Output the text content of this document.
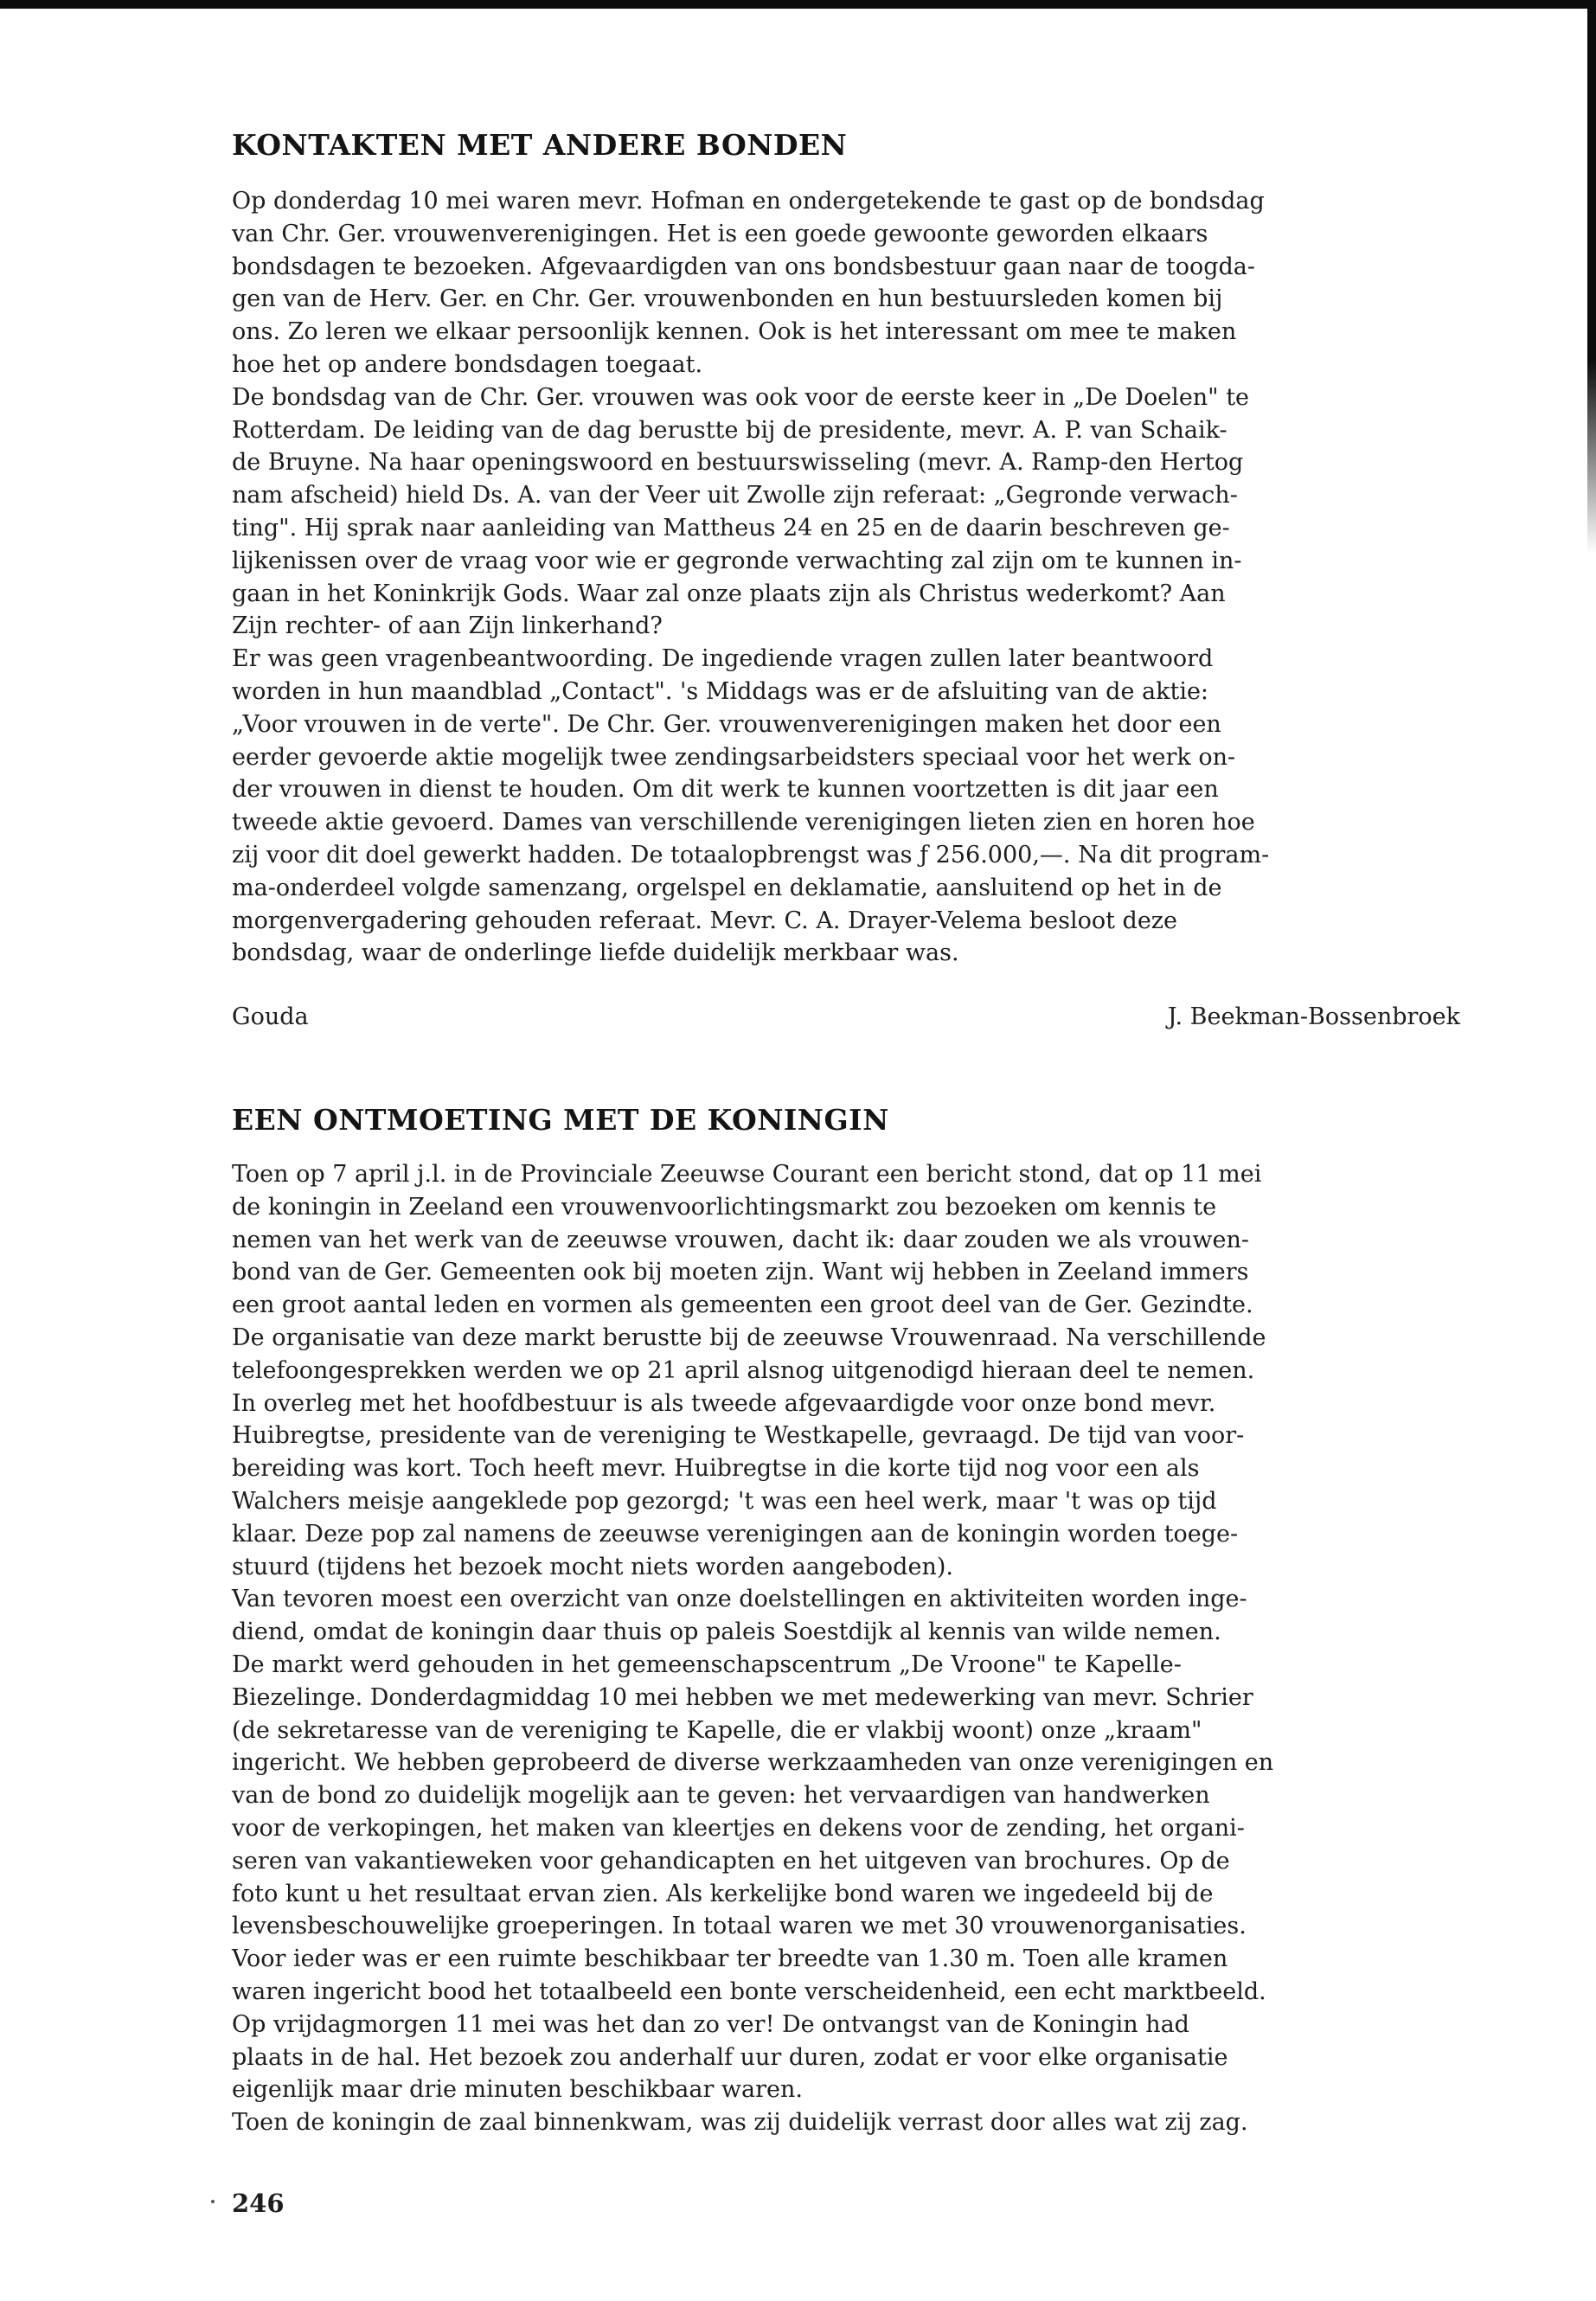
KONTAKTEN MET ANDERE BONDEN
Op donderdag 10 mei waren mevr. Hofman en ondergetekende te gast op de bondsdag
van Chr. Ger. vrouwenverenigingen. Het is een goede gewoonte geworden elkaars
bondsdagen te bezoeken. Afgevaardigden van ons bondsbestuur gaan naar de toogda-
gen van de Herv. Ger. en Chr. Ger. vrouwenbonden en hun bestuursleden komen bij
ons. Zo leren we elkaar persoonlijk kennen. Ook is het interessant om mee te maken
hoe het op andere bondsdagen toegaat.
De bondsdag van de Chr. Ger. vrouwen was ook voor de eerste keer in „De Doelen" te
Rotterdam. De leiding van de dag berustte bij de presidente, mevr. A. P. van Schaik-
de Bruyne. Na haar openingswoord en bestuurswisseling (mevr. A. Ramp-den Hertog
nam afscheid) hield Ds. A. van der Veer uit Zwolle zijn referaat: „Gegronde verwach-
ting". Hij sprak naar aanleiding van Mattheus 24 en 25 en de daarin beschreven ge-
lijkenissen over de vraag voor wie er gegronde verwachting zal zijn om te kunnen in-
gaan in het Koninkrijk Gods. Waar zal onze plaats zijn als Christus wederkomt? Aan
Zijn rechter- of aan Zijn linkerhand?
Er was geen vragenbeantwoording. De ingediende vragen zullen later beantwoord
worden in hun maandblad „Contact". 's Middags was er de afsluiting van de aktie:
„Voor vrouwen in de verte". De Chr. Ger. vrouwenverenigingen maken het door een
eerder gevoerde aktie mogelijk twee zendingsarbeidsters speciaal voor het werk on-
der vrouwen in dienst te houden. Om dit werk te kunnen voortzetten is dit jaar een
tweede aktie gevoerd. Dames van verschillende verenigingen lieten zien en horen hoe
zij voor dit doel gewerkt hadden. De totaalopbrengst was ƒ 256.000,—. Na dit program-
ma-onderdeel volgde samenzang, orgelspel en deklamatie, aansluitend op het in de
morgenvergadering gehouden referaat. Mevr. C. A. Drayer-Velema besloot deze
bondsdag, waar de onderlinge liefde duidelijk merkbaar was.
Gouda	J. Beekman-Bossenbroek
EEN ONTMOETING MET DE KONINGIN
Toen op 7 april j.l. in de Provinciale Zeeuwse Courant een bericht stond, dat op 11 mei
de koningin in Zeeland een vrouwenvoorlichtingsmarkt zou bezoeken om kennis te
nemen van het werk van de zeeuwse vrouwen, dacht ik: daar zouden we als vrouwen-
bond van de Ger. Gemeenten ook bij moeten zijn. Want wij hebben in Zeeland immers
een groot aantal leden en vormen als gemeenten een groot deel van de Ger. Gezindte.
De organisatie van deze markt berustte bij de zeeuwse Vrouwenraad. Na verschillende
telefoongesprekken werden we op 21 april alsnog uitgenodigd hieraan deel te nemen.
In overleg met het hoofdbestuur is als tweede afgevaardigde voor onze bond mevr.
Huibregtse, presidente van de vereniging te Westkapelle, gevraagd. De tijd van voor-
bereiding was kort. Toch heeft mevr. Huibregtse in die korte tijd nog voor een als
Walchers meisje aangeklede pop gezorgd; 't was een heel werk, maar 't was op tijd
klaar. Deze pop zal namens de zeeuwse verenigingen aan de koningin worden toege-
stuurd (tijdens het bezoek mocht niets worden aangeboden).
Van tevoren moest een overzicht van onze doelstellingen en aktiviteiten worden inge-
diend, omdat de koningin daar thuis op paleis Soestdijk al kennis van wilde nemen.
De markt werd gehouden in het gemeenschapscentrum „De Vroone" te Kapelle-
Biezelinge. Donderdagmiddag 10 mei hebben we met medewerking van mevr. Schrier
(de sekretaresse van de vereniging te Kapelle, die er vlakbij woont) onze „kraam"
ingericht. We hebben geprobeerd de diverse werkzaamheden van onze verenigingen en
van de bond zo duidelijk mogelijk aan te geven: het vervaardigen van handwerken
voor de verkopingen, het maken van kleertjes en dekens voor de zending, het organi-
seren van vakantieweken voor gehandicapten en het uitgeven van brochures. Op de
foto kunt u het resultaat ervan zien. Als kerkelijke bond waren we ingedeeld bij de
levensbeschouwelijke groeperingen. In totaal waren we met 30 vrouwenorganisaties.
Voor ieder was er een ruimte beschikbaar ter breedte van 1.30 m. Toen alle kramen
waren ingericht bood het totaalbeeld een bonte verscheidenheid, een echt marktbeeld.
Op vrijdagmorgen 11 mei was het dan zo ver! De ontvangst van de Koningin had
plaats in de hal. Het bezoek zou anderhalf uur duren, zodat er voor elke organisatie
eigenlijk maar drie minuten beschikbaar waren.
Toen de koningin de zaal binnenkwam, was zij duidelijk verrast door alles wat zij zag.
246
